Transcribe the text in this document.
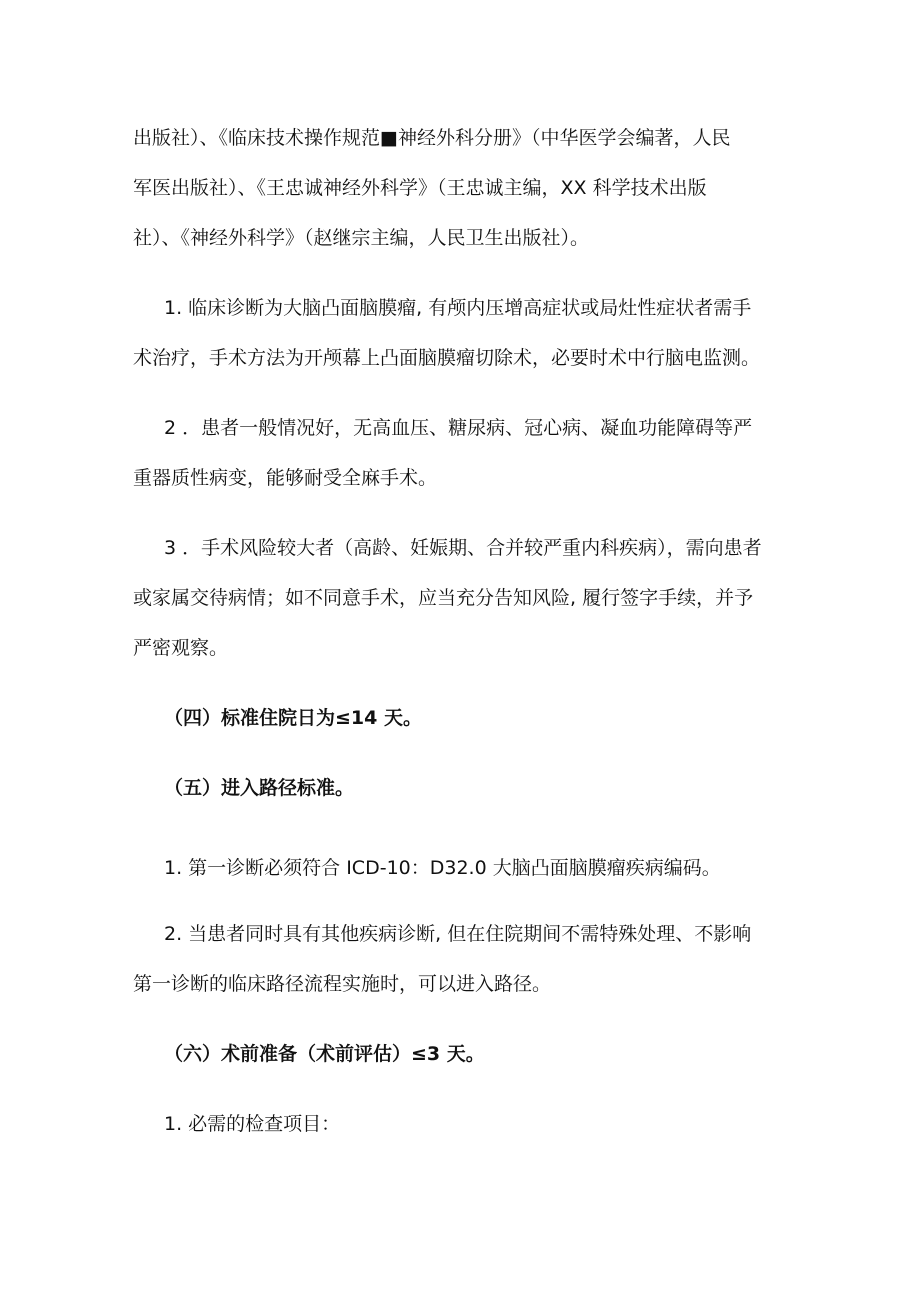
出版社）、《临床技术操作规范■神经外科分册》（中华医学会编著，人民

军医出版社）、《王忠诚神经外科学》（王忠诚主编，XX 科学技术出版

社）、《神经外科学》（赵继宗主编，人民卫生出版社）。

1. 临床诊断为大脑凸面脑膜瘤, 有颅内压增高症状或局灶性症状者需手

术治疗，手术方法为开颅幕上凸面脑膜瘤切除术，必要时术中行脑电监测。

2 ．患者一般情况好，无高血压、糖尿病、冠心病、凝血功能障碍等严

重器质性病变，能够耐受全麻手术。

3 ．手术风险较大者（高龄、妊娠期、合并较严重内科疾病），需向患者

或家属交待病情；如不同意手术，应当充分告知风险, 履行签字手续，并予

严密观察。

（四）标准住院日为≤14 天。

（五）进入路径标准。

1. 第一诊断必须符合 ICD-10：D32.0 大脑凸面脑膜瘤疾病编码。

2. 当患者同时具有其他疾病诊断, 但在住院期间不需特殊处理、不影响

第一诊断的临床路径流程实施时，可以进入路径。

（六）术前准备（术前评估）≤3 天。

1. 必需的检查项目：
